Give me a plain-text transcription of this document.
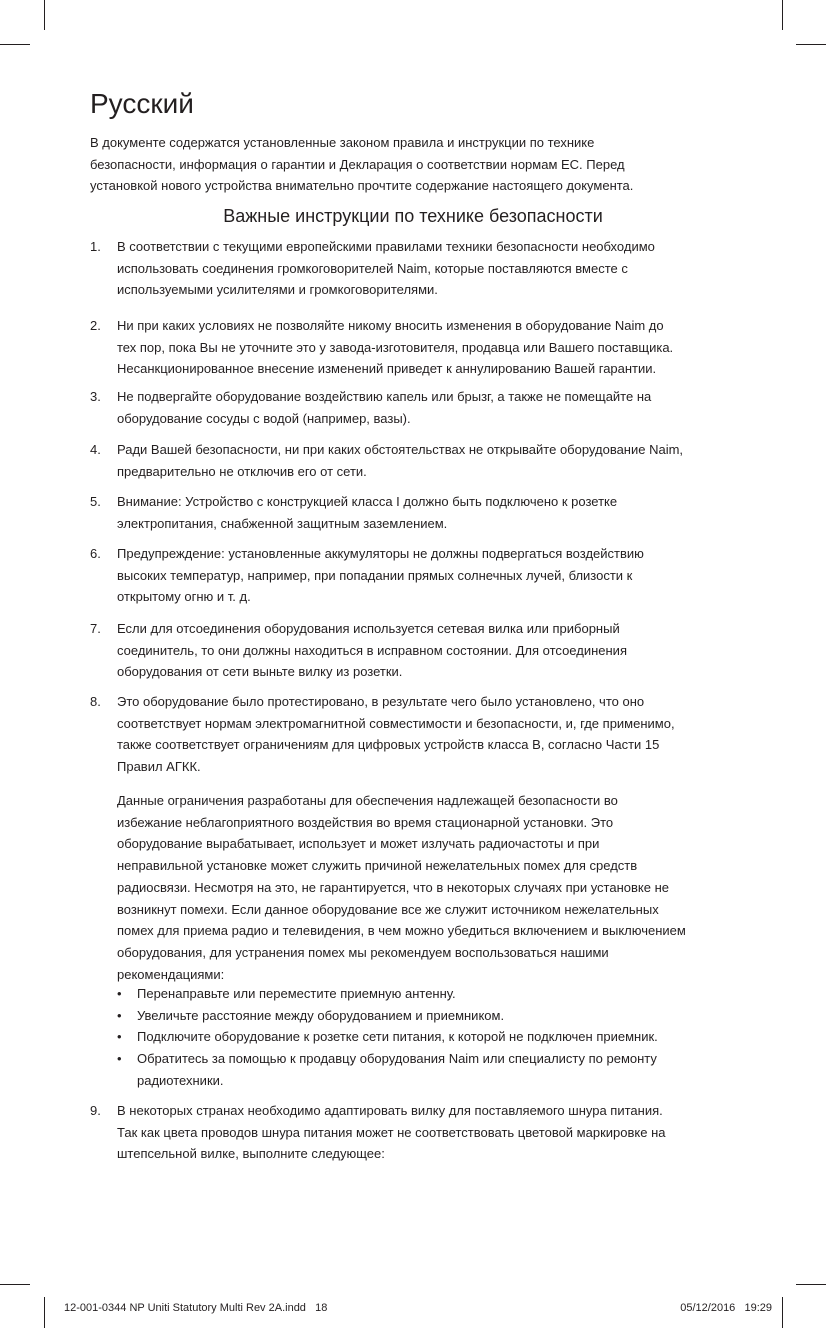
Русский
В документе содержатся установленные законом правила и инструкции по технике
безопасности, информация о гарантии и Декларация о соответствии нормам ЕС. Перед
установкой нового устройства внимательно прочтите содержание настоящего документа.
Важные инструкции по технике безопасности
1.	В соответствии с текущими европейскими правилами техники безопасности необходимо
использовать соединения громкоговорителей Naim, которые поставляются вместе с
используемыми усилителями и громкоговорителями.
2.	Ни при каких условиях не позволяйте никому вносить изменения в оборудование Naim до
тех пор, пока Вы не уточните это у завода-изготовителя, продавца или Вашего поставщика.
Несанкционированное внесение изменений приведет к аннулированию Вашей гарантии.
3.	Не подвергайте оборудование воздействию капель или брызг, а также не помещайте на
оборудование сосуды с водой (например, вазы).
4.	Ради Вашей безопасности, ни при каких обстоятельствах не открывайте оборудование Naim,
предварительно не отключив его от сети.
5.	Внимание: Устройство с конструкцией класса I должно быть подключено к розетке
электропитания, снабженной защитным заземлением.
6.	Предупреждение: установленные аккумуляторы не должны подвергаться воздействию
высоких температур, например, при попадании прямых солнечных лучей, близости к
открытому огню и т. д.
7.	Если для отсоединения оборудования используется сетевая вилка или приборный
соединитель, то они должны находиться в исправном состоянии. Для отсоединения
оборудования от сети выньте вилку из розетки.
8.	Это оборудование было протестировано, в результате чего было установлено, что оно
соответствует нормам электромагнитной совместимости и безопасности, и, где применимо,
также соответствует ограничениям для цифровых устройств класса B, согласно Части 15
Правил АГКК.
9.	В некоторых странах необходимо адаптировать вилку для поставляемого шнура питания.
Так как цвета проводов шнура питания может не соответствовать цветовой маркировке на
штепсельной вилке, выполните следующее:
Данные ограничения разработаны для обеспечения надлежащей безопасности во
избежание неблагоприятного воздействия во время стационарной установки. Это
оборудование вырабатывает, использует и может излучать радиочастоты и при
неправильной установке может служить причиной нежелательных помех для средств
радиосвязи. Несмотря на это, не гарантируется, что в некоторых случаях при установке не
возникнут помехи. Если данное оборудование все же служит источником нежелательных
помех для приема радио и телевидения, в чем можно убедиться включением и выключением
оборудования, для устранения помех мы рекомендуем воспользоваться нашими
рекомендациями:
• Перенаправьте или переместите приемную антенну.
• Увеличьте расстояние между оборудованием и приемником.
• Подключите оборудование к розетке сети питания, к которой не подключен приемник.
• Обратитесь за помощью к продавцу оборудования Naim или специалисту по ремонту
радиотехники.
12-001-0344 NP Uniti Statutory Multi Rev 2A.indd   18	05/12/2016   19:29
